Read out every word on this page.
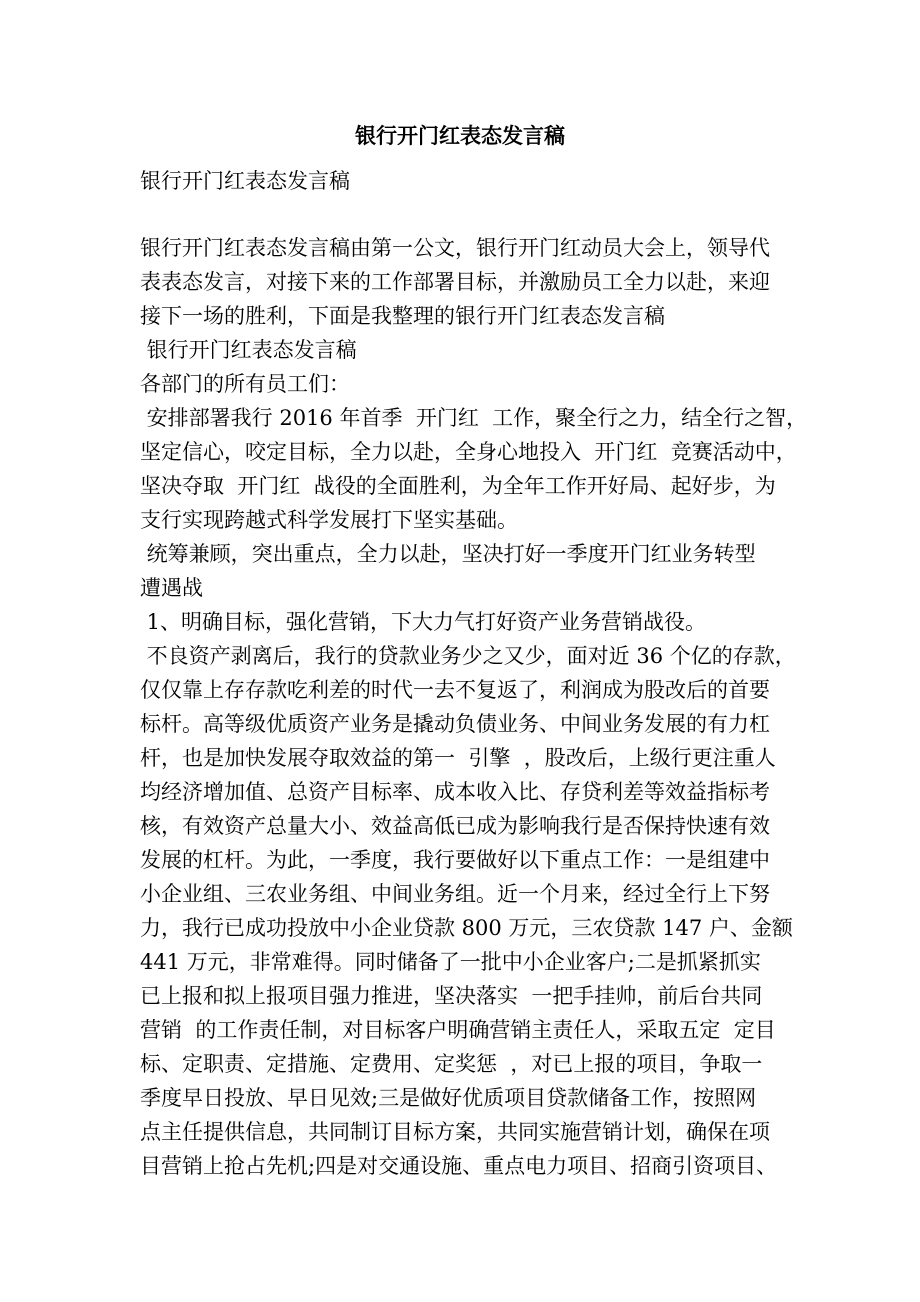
银行开门红表态发言稿
银行开门红表态发言稿
银行开门红表态发言稿由第一公文，银行开门红动员大会上，领导代
表表态发言，对接下来的工作部署目标，并激励员工全力以赴，来迎
接下一场的胜利，下面是我整理的银行开门红表态发言稿
银行开门红表态发言稿
各部门的所有员工们：
安排部署我行 2016 年首季  开门红  工作，聚全行之力，结全行之智，
坚定信心，咬定目标，全力以赴，全身心地投入  开门红  竞赛活动中，
坚决夺取  开门红  战役的全面胜利，为全年工作开好局、起好步，为
支行实现跨越式科学发展打下坚实基础。
统筹兼顾，突出重点，全力以赴，坚决打好一季度开门红业务转型
遭遇战
1、明确目标，强化营销，下大力气打好资产业务营销战役。
不良资产剥离后，我行的贷款业务少之又少，面对近 36 个亿的存款，
仅仅靠上存存款吃利差的时代一去不复返了，利润成为股改后的首要
标杆。高等级优质资产业务是撬动负债业务、中间业务发展的有力杠
杆，也是加快发展夺取效益的第一  引擎  ，股改后，上级行更注重人
均经济增加值、总资产目标率、成本收入比、存贷利差等效益指标考
核，有效资产总量大小、效益高低已成为影响我行是否保持快速有效
发展的杠杆。为此，一季度，我行要做好以下重点工作：一是组建中
小企业组、三农业务组、中间业务组。近一个月来，经过全行上下努
力，我行已成功投放中小企业贷款 800 万元，三农贷款 147 户、金额
441 万元，非常难得。同时储备了一批中小企业客户;二是抓紧抓实
已上报和拟上报项目强力推进，坚决落实  一把手挂帅，前后台共同
营销  的工作责任制，对目标客户明确营销主责任人，采取五定  定目
标、定职责、定措施、定费用、定奖惩  ，对已上报的项目，争取一
季度早日投放、早日见效;三是做好优质项目贷款储备工作，按照网
点主任提供信息，共同制订目标方案，共同实施营销计划，确保在项
目营销上抢占先机;四是对交通设施、重点电力项目、招商引资项目、
